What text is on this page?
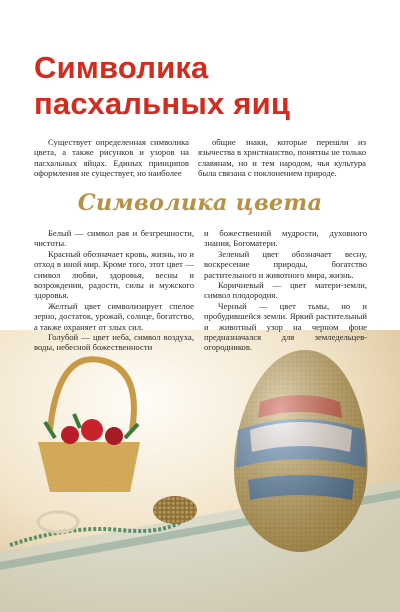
Символика
пасхальных яиц

Существует определенная символика цвета, а также рисунков и узоров на пасхальных яйцах. Единых принципов оформления не существует, но наиболее

общие знаки, которые перешли из язычества в христианство, понятны не только славянам, но и тем народом, чья культура была связана с поклонением природе.

Символика цвета

Белый — символ рая и безгрешности, чистоты.

Красный обозначает кровь, жизнь, но и отход в иной мир. Кроме того, этот цвет — символ любви, здоровья, весны и возрождения, радости, силы и мужского здоровья.

Желтый цвет символизирует спелое зерно, достаток, урожай, солнце, богатство, а также охраняет от злых сил.

Голубой — цвет неба, символ воздуха, воды, небесной божественности

и божественной мудрости, духовного знания, Богоматери.

Зеленый цвет обозначает весну, воскресение природы, богатство растительного и животного мира, жизнь.

Коричневый — цвет матери-земли, символ плодородия.

Черный — цвет тьмы, но и пробудившейся земли. Яркий растительный и животный узор на черном фоне предназначался для земледельцев-огородников.
